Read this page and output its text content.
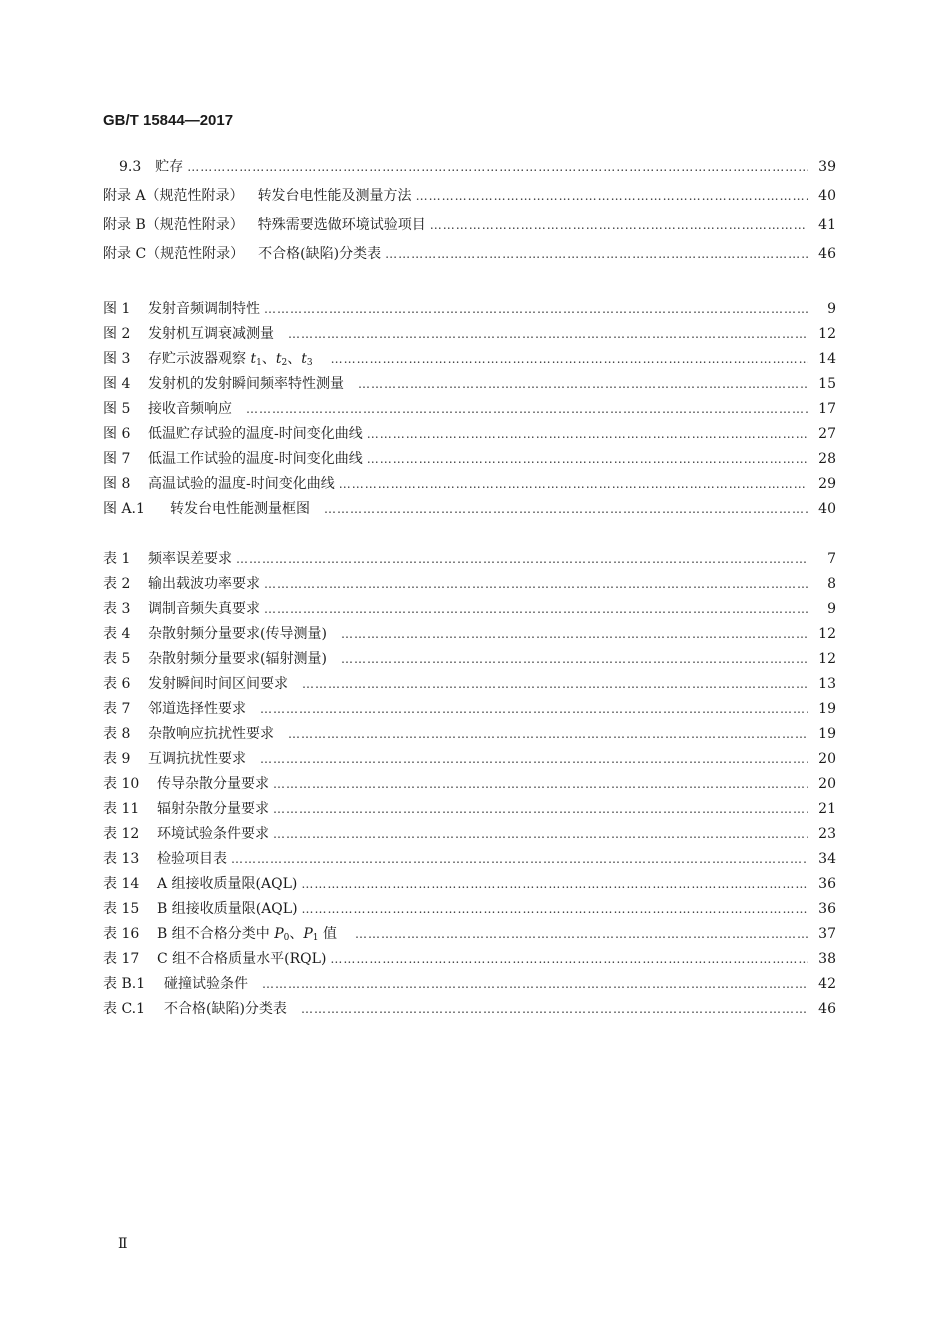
GB/T 15844—2017
9.3 贮存 ………………………………………………………………………………………………………………………………………………………………………………………………………………………………………………………	39
附录 A（规范性附录） 转发台电性能及测量方法 ………………………………………………………………………………………………………………………………………………………………………………………………………………………………………………………	40
附录 B（规范性附录） 特殊需要选做环境试验项目 ………………………………………………………………………………………………………………………………………………………………………………………………………………………………………………………	41
附录 C（规范性附录） 不合格(缺陷)分类表 ………………………………………………………………………………………………………………………………………………………………………………………………………………………………………………………	46
图 1	发射音频调制特性 ………………………………………………………………………………………………………………………………………………………………………………………………………………………………………………………	9
图 2	发射机互调衰减测量 ………………………………………………………………………………………………………………………………………………………………………………………………………………………………………………………	12
图 3	存贮示波器观察 $t_1$、$t_2$、$t_3$ ………………………………………………………………………………………………………………………………………………………………………………………………………………………………………………………	14
图 4	发射机的发射瞬间频率特性测量 ………………………………………………………………………………………………………………………………………………………………………………………………………………………………………………………	15
图 5	接收音频响应 ………………………………………………………………………………………………………………………………………………………………………………………………………………………………………………………	17
图 6	低温贮存试验的温度-时间变化曲线 ………………………………………………………………………………………………………………………………………………………………………………………………………………………………………………………	27
图 7	低温工作试验的温度-时间变化曲线 ………………………………………………………………………………………………………………………………………………………………………………………………………………………………………………………	28
图 8	高温试验的温度-时间变化曲线 ………………………………………………………………………………………………………………………………………………………………………………………………………………………………………………………	29
图 A.1	转发台电性能测量框图 ………………………………………………………………………………………………………………………………………………………………………………………………………………………………………………………	40
表 1	频率误差要求 ………………………………………………………………………………………………………………………………………………………………………………………………………………………………………………………	7
表 2	输出载波功率要求 ………………………………………………………………………………………………………………………………………………………………………………………………………………………………………………………	8
表 3	调制音频失真要求 ………………………………………………………………………………………………………………………………………………………………………………………………………………………………………………………	9
表 4	杂散射频分量要求(传导测量) ………………………………………………………………………………………………………………………………………………………………………………………………………………………………………………………	12
表 5	杂散射频分量要求(辐射测量) ………………………………………………………………………………………………………………………………………………………………………………………………………………………………………………………	12
表 6	发射瞬间时间区间要求 ………………………………………………………………………………………………………………………………………………………………………………………………………………………………………………………	13
表 7	邻道选择性要求 ………………………………………………………………………………………………………………………………………………………………………………………………………………………………………………………	19
表 8	杂散响应抗扰性要求 ………………………………………………………………………………………………………………………………………………………………………………………………………………………………………………………	19
表 9	互调抗扰性要求 ………………………………………………………………………………………………………………………………………………………………………………………………………………………………………………………	20
表 10	传导杂散分量要求 ………………………………………………………………………………………………………………………………………………………………………………………………………………………………………………………	20
表 11	辐射杂散分量要求 ………………………………………………………………………………………………………………………………………………………………………………………………………………………………………………………	21
表 12	环境试验条件要求 ………………………………………………………………………………………………………………………………………………………………………………………………………………………………………………………	23
表 13	检验项目表 ………………………………………………………………………………………………………………………………………………………………………………………………………………………………………………………	34
表 14	A 组接收质量限(AQL) ………………………………………………………………………………………………………………………………………………………………………………………………………………………………………………………	36
表 15	B 组接收质量限(AQL) ………………………………………………………………………………………………………………………………………………………………………………………………………………………………………………………	36
表 16	B 组不合格分类中 $P_0$、$P_1$ 值 ………………………………………………………………………………………………………………………………………………………………………………………………………………………………………………………	37
表 17	C 组不合格质量水平(RQL) ………………………………………………………………………………………………………………………………………………………………………………………………………………………………………………………	38
表 B.1	碰撞试验条件 ………………………………………………………………………………………………………………………………………………………………………………………………………………………………………………………	42
表 C.1	不合格(缺陷)分类表 ………………………………………………………………………………………………………………………………………………………………………………………………………………………………………………………	46
Ⅱ
